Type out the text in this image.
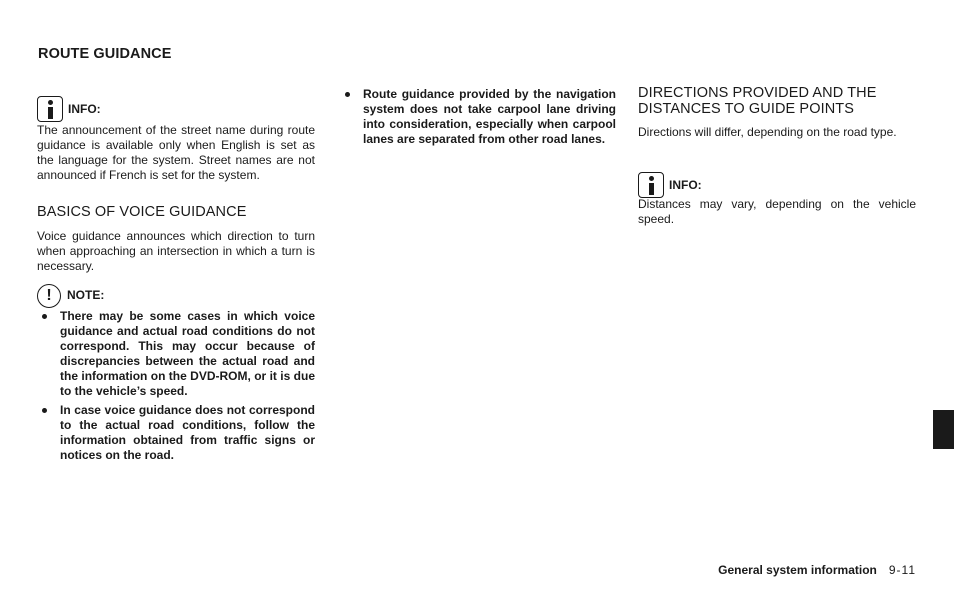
ROUTE GUIDANCE
INFO:

The announcement of the street name during route guidance is available only when English is set as the language for the system. Street names are not announced if French is set for the system.

BASICS OF VOICE GUIDANCE

Voice guidance announces which direction to turn when approaching an intersection in which a turn is necessary.

!	NOTE:
There may be some cases in which voice guidance and actual road conditions do not correspond. This may occur because of discrepancies between the actual road and the information on the DVD-ROM, or it is due to the vehicle’s speed.
In case voice guidance does not correspond to the actual road conditions, follow the information obtained from traffic signs or notices on the road.
Route guidance provided by the navigation system does not take carpool lane driving into consideration, especially when carpool lanes are separated from other road lanes.
DIRECTIONS PROVIDED AND THE DISTANCES TO GUIDE POINTS

Directions will differ, depending on the road type.

INFO:

Distances may vary, depending on the vehicle speed.

General system information 9-11
